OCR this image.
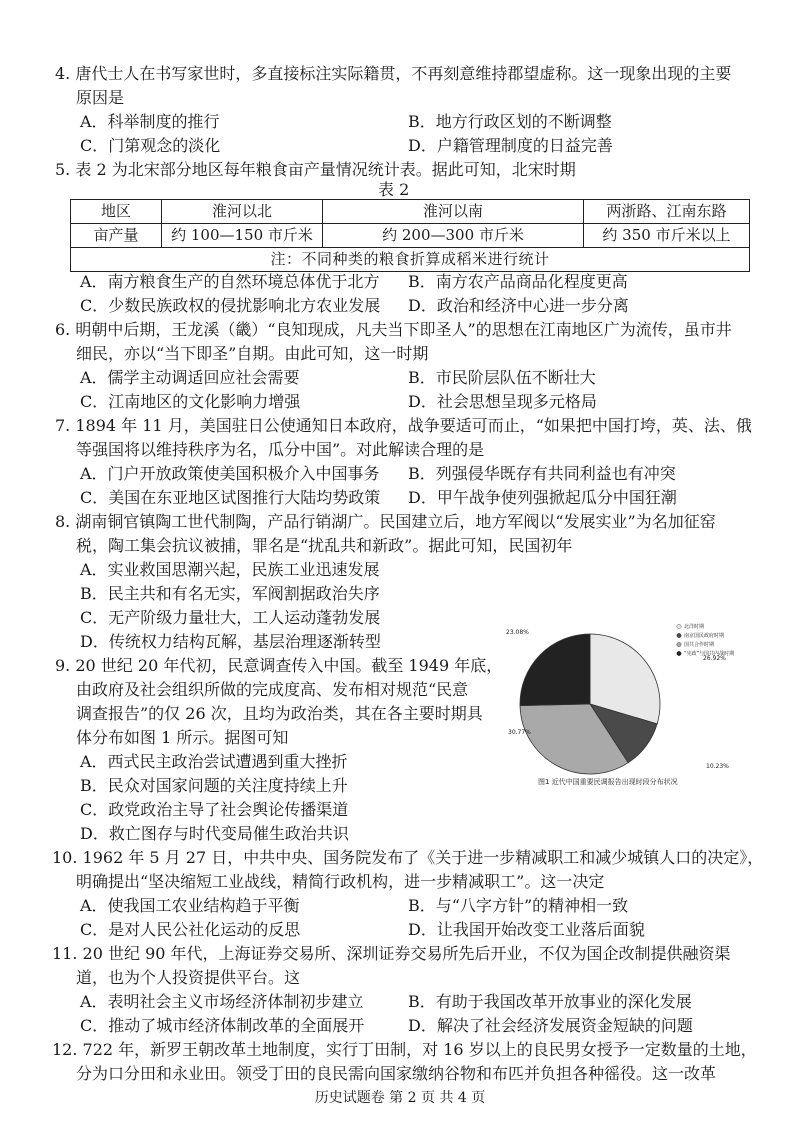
4. 唐代士人在书写家世时，多直接标注实际籍贯，不再刻意维持郡望虚称。这一现象出现的主要
原因是
A．科举制度的推行	B．地方行政区划的不断调整
C．门第观念的淡化	D．户籍管理制度的日益完善
5. 表 2 为北宋部分地区每年粮食亩产量情况统计表。据此可知，北宋时期
表 2
地区	淮河以北	淮河以南	两浙路、江南东路
亩产量	约 100—150 市斤米	约 200—300 市斤米	约 350 市斤米以上
注：不同种类的粮食折算成稻米进行统计			
A．南方粮食生产的自然环境总体优于北方 B．南方农产品商品化程度更高
C．少数民族政权的侵扰影响北方农业发展 D．政治和经济中心进一步分离
6. 明朝中后期，王龙溪（畿）“良知现成，凡夫当下即圣人”的思想在江南地区广为流传，虽市井
细民，亦以“当下即圣”自期。由此可知，这一时期
A．儒学主动调适回应社会需要	B．市民阶层队伍不断壮大
C．江南地区的文化影响力增强	D．社会思想呈现多元格局
7. 1894 年 11 月，美国驻日公使通知日本政府，战争要适可而止，“如果把中国打垮，英、法、俄
等强国将以维持秩序为名，瓜分中国”。对此解读合理的是
A．门户开放政策使美国积极介入中国事务 B．列强侵华既存有共同利益也有冲突
C．美国在东亚地区试图推行大陆均势政策 D．甲午战争使列强掀起瓜分中国狂潮
8. 湖南铜官镇陶工世代制陶，产品行销湖广。民国建立后，地方军阀以“发展实业”为名加征窑
税，陶工集会抗议被捕，罪名是“扰乱共和新政”。据此可知，民国初年
A．实业救国思潮兴起，民族工业迅速发展
B．民主共和有名无实，军阀割据政治失序
C．无产阶级力量壮大，工人运动蓬勃发展
D．传统权力结构瓦解，基层治理逐渐转型
9. 20 世纪 20 年代初，民意调查传入中国。截至 1949 年底，
由政府及社会组织所做的完成度高、发布相对规范“民意
调查报告”的仅 26 次，且均为政治类，其在各主要时期具
体分布如图 1 所示。据图可知
A．西式民主政治尝试遭遇到重大挫折
B．民众对国家问题的关注度持续上升
C．政党政治主导了社会舆论传播渠道
D．救亡图存与时代变局催生政治共识
26.92%
10.23%
30.77%
23.08%
北洋时期
南京国民政府时期
国共合作时期
“宪政”与国共内战时期
图1 近代中国重要民调报告出现时段分布状况
10. 1962 年 5 月 27 日，中共中央、国务院发布了《关于进一步精减职工和减少城镇人口的决定》，
明确提出“坚决缩短工业战线，精简行政机构，进一步精减职工”。这一决定
A．使我国工农业结构趋于平衡	B．与“八字方针”的精神相一致
C．是对人民公社化运动的反思	D．让我国开始改变工业落后面貌
11. 20 世纪 90 年代，上海证券交易所、深圳证券交易所先后开业，不仅为国企改制提供融资渠
道，也为个人投资提供平台。这
A．表明社会主义市场经济体制初步建立	B．有助于我国改革开放事业的深化发展
C．推动了城市经济体制改革的全面展开	D．解决了社会经济发展资金短缺的问题
12. 722 年，新罗王朝改革土地制度，实行丁田制，对 16 岁以上的良民男女授予一定数量的土地，
分为口分田和永业田。领受丁田的良民需向国家缴纳谷物和布匹并负担各种徭役。这一改革
历史试题卷 第 2 页 共 4 页
